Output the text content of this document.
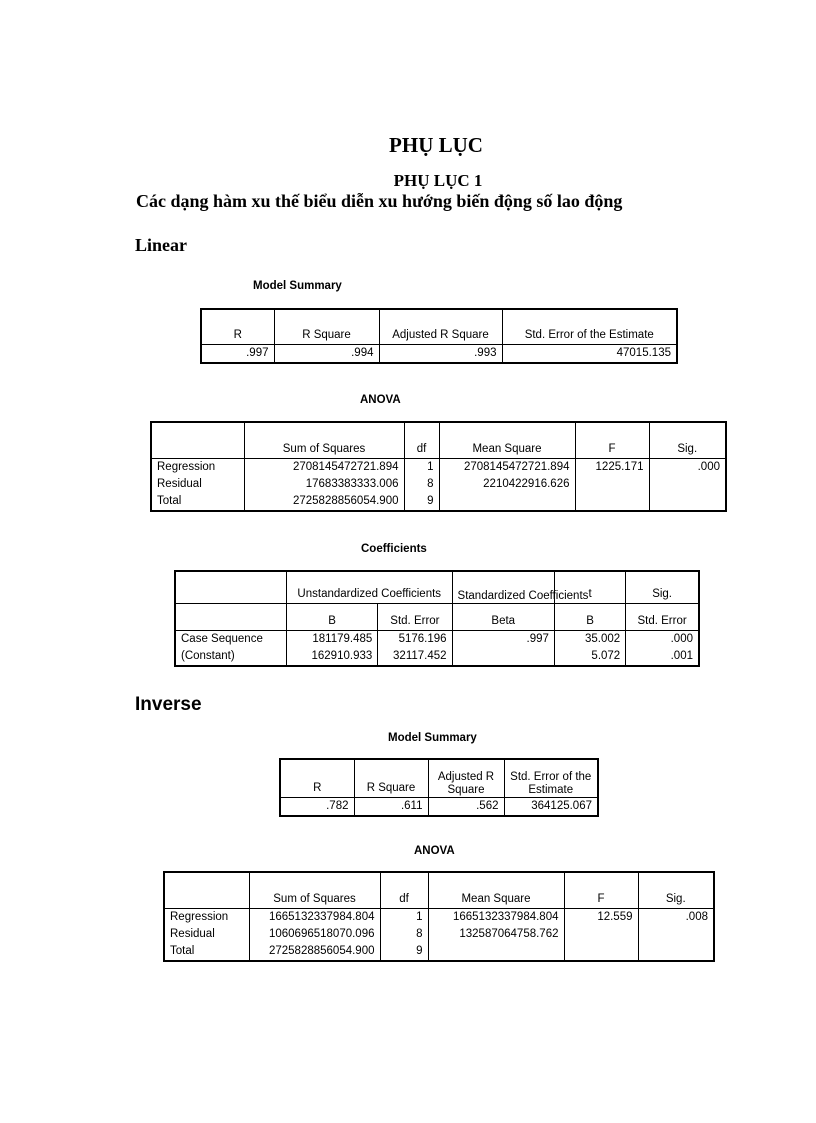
PHỤ LỤC
PHỤ LỤC 1
Các dạng hàm xu thế biểu diễn xu hướng biến động số lao động
Linear
Model Summary
R	R Square	Adjusted R Square	Std. Error of the Estimate
.997	.994	.993	47015.135
ANOVA
	Sum of Squares	df	Mean Square	F	Sig.
Regression	2708145472721.894	1	2708145472721.894	1225.171	.000
Residual	17683383333.006	8	2210422916.626		
Total	2725828856054.900	9			
Coefficients
	Unstandardized Coefficients		Standardized Coefficients	t	Sig.
	B	Std. Error	Beta	B	Std. Error
Case Sequence	181179.485	5176.196	.997	35.002	.000
(Constant)	162910.933	32117.452		5.072	.001
Inverse
Model Summary
R	R Square	Adjusted R Square	Std. Error of the Estimate
.782	.611	.562	364125.067
ANOVA
	Sum of Squares	df	Mean Square	F	Sig.
Regression	1665132337984.804	1	1665132337984.804	12.559	.008
Residual	1060696518070.096	8	132587064758.762		
Total	2725828856054.900	9			
